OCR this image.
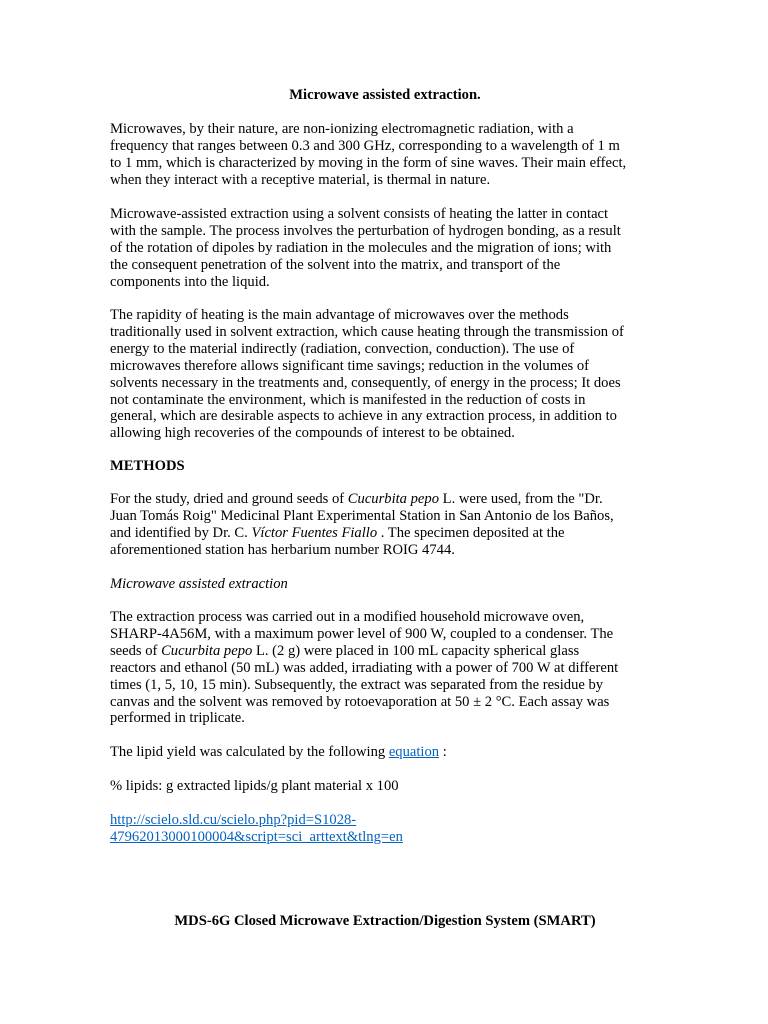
Microwave assisted extraction.
Microwaves, by their nature, are non-ionizing electromagnetic radiation, with a
frequency that ranges between 0.3 and 300 GHz, corresponding to a wavelength of 1 m
to 1 mm, which is characterized by moving in the form of sine waves. Their main effect,
when they interact with a receptive material, is thermal in nature.
Microwave-assisted extraction using a solvent consists of heating the latter in contact
with the sample. The process involves the perturbation of hydrogen bonding, as a result
of the rotation of dipoles by radiation in the molecules and the migration of ions; with
the consequent penetration of the solvent into the matrix, and transport of the
components into the liquid.
The rapidity of heating is the main advantage of microwaves over the methods
traditionally used in solvent extraction, which cause heating through the transmission of
energy to the material indirectly (radiation, convection, conduction). The use of
microwaves therefore allows significant time savings; reduction in the volumes of
solvents necessary in the treatments and, consequently, of energy in the process; It does
not contaminate the environment, which is manifested in the reduction of costs in
general, which are desirable aspects to achieve in any extraction process, in addition to
allowing high recoveries of the compounds of interest to be obtained.
METHODS
For the study, dried and ground seeds of Cucurbita pepo L. were used, from the "Dr.
Juan Tomás Roig" Medicinal Plant Experimental Station in San Antonio de los Baños,
and identified by Dr. C. Víctor Fuentes Fiallo . The specimen deposited at the
aforementioned station has herbarium number ROIG 4744.
Microwave assisted extraction
The extraction process was carried out in a modified household microwave oven,
SHARP-4A56M, with a maximum power level of 900 W, coupled to a condenser. The
seeds of Cucurbita pepo L. (2 g) were placed in 100 mL capacity spherical glass
reactors and ethanol (50 mL) was added, irradiating with a power of 700 W at different
times (1, 5, 10, 15 min). Subsequently, the extract was separated from the residue by
canvas and the solvent was removed by rotoevaporation at 50 ± 2 °C. Each assay was
performed in triplicate.
The lipid yield was calculated by the following equation :
% lipids: g extracted lipids/g plant material x 100
http://scielo.sld.cu/scielo.php?pid=S1028-
47962013000100004&script=sci_arttext&tlng=en
MDS-6G Closed Microwave Extraction/Digestion System (SMART)
